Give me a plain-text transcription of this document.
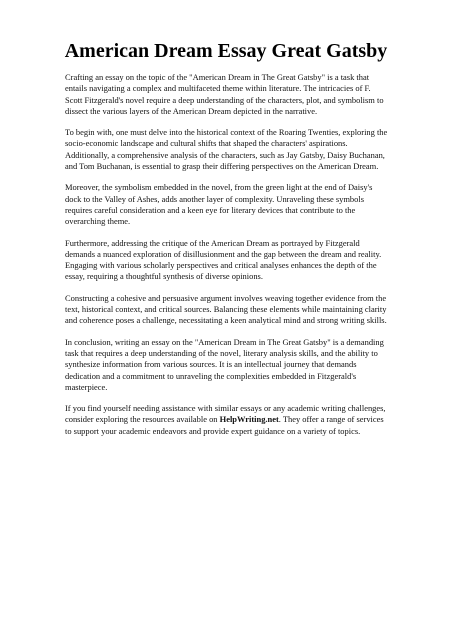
American Dream Essay Great Gatsby

Crafting an essay on the topic of the "American Dream in The Great Gatsby" is a task that entails navigating a complex and multifaceted theme within literature. The intricacies of F. Scott Fitzgerald's novel require a deep understanding of the characters, plot, and symbolism to dissect the various layers of the American Dream depicted in the narrative.

To begin with, one must delve into the historical context of the Roaring Twenties, exploring the socio-economic landscape and cultural shifts that shaped the characters' aspirations. Additionally, a comprehensive analysis of the characters, such as Jay Gatsby, Daisy Buchanan, and Tom Buchanan, is essential to grasp their differing perspectives on the American Dream.

Moreover, the symbolism embedded in the novel, from the green light at the end of Daisy's dock to the Valley of Ashes, adds another layer of complexity. Unraveling these symbols requires careful consideration and a keen eye for literary devices that contribute to the overarching theme.

Furthermore, addressing the critique of the American Dream as portrayed by Fitzgerald demands a nuanced exploration of disillusionment and the gap between the dream and reality. Engaging with various scholarly perspectives and critical analyses enhances the depth of the essay, requiring a thoughtful synthesis of diverse opinions.

Constructing a cohesive and persuasive argument involves weaving together evidence from the text, historical context, and critical sources. Balancing these elements while maintaining clarity and coherence poses a challenge, necessitating a keen analytical mind and strong writing skills.

In conclusion, writing an essay on the "American Dream in The Great Gatsby" is a demanding task that requires a deep understanding of the novel, literary analysis skills, and the ability to synthesize information from various sources. It is an intellectual journey that demands dedication and a commitment to unraveling the complexities embedded in Fitzgerald's masterpiece.

If you find yourself needing assistance with similar essays or any academic writing challenges, consider exploring the resources available on HelpWriting.net. They offer a range of services to support your academic endeavors and provide expert guidance on a variety of topics.
